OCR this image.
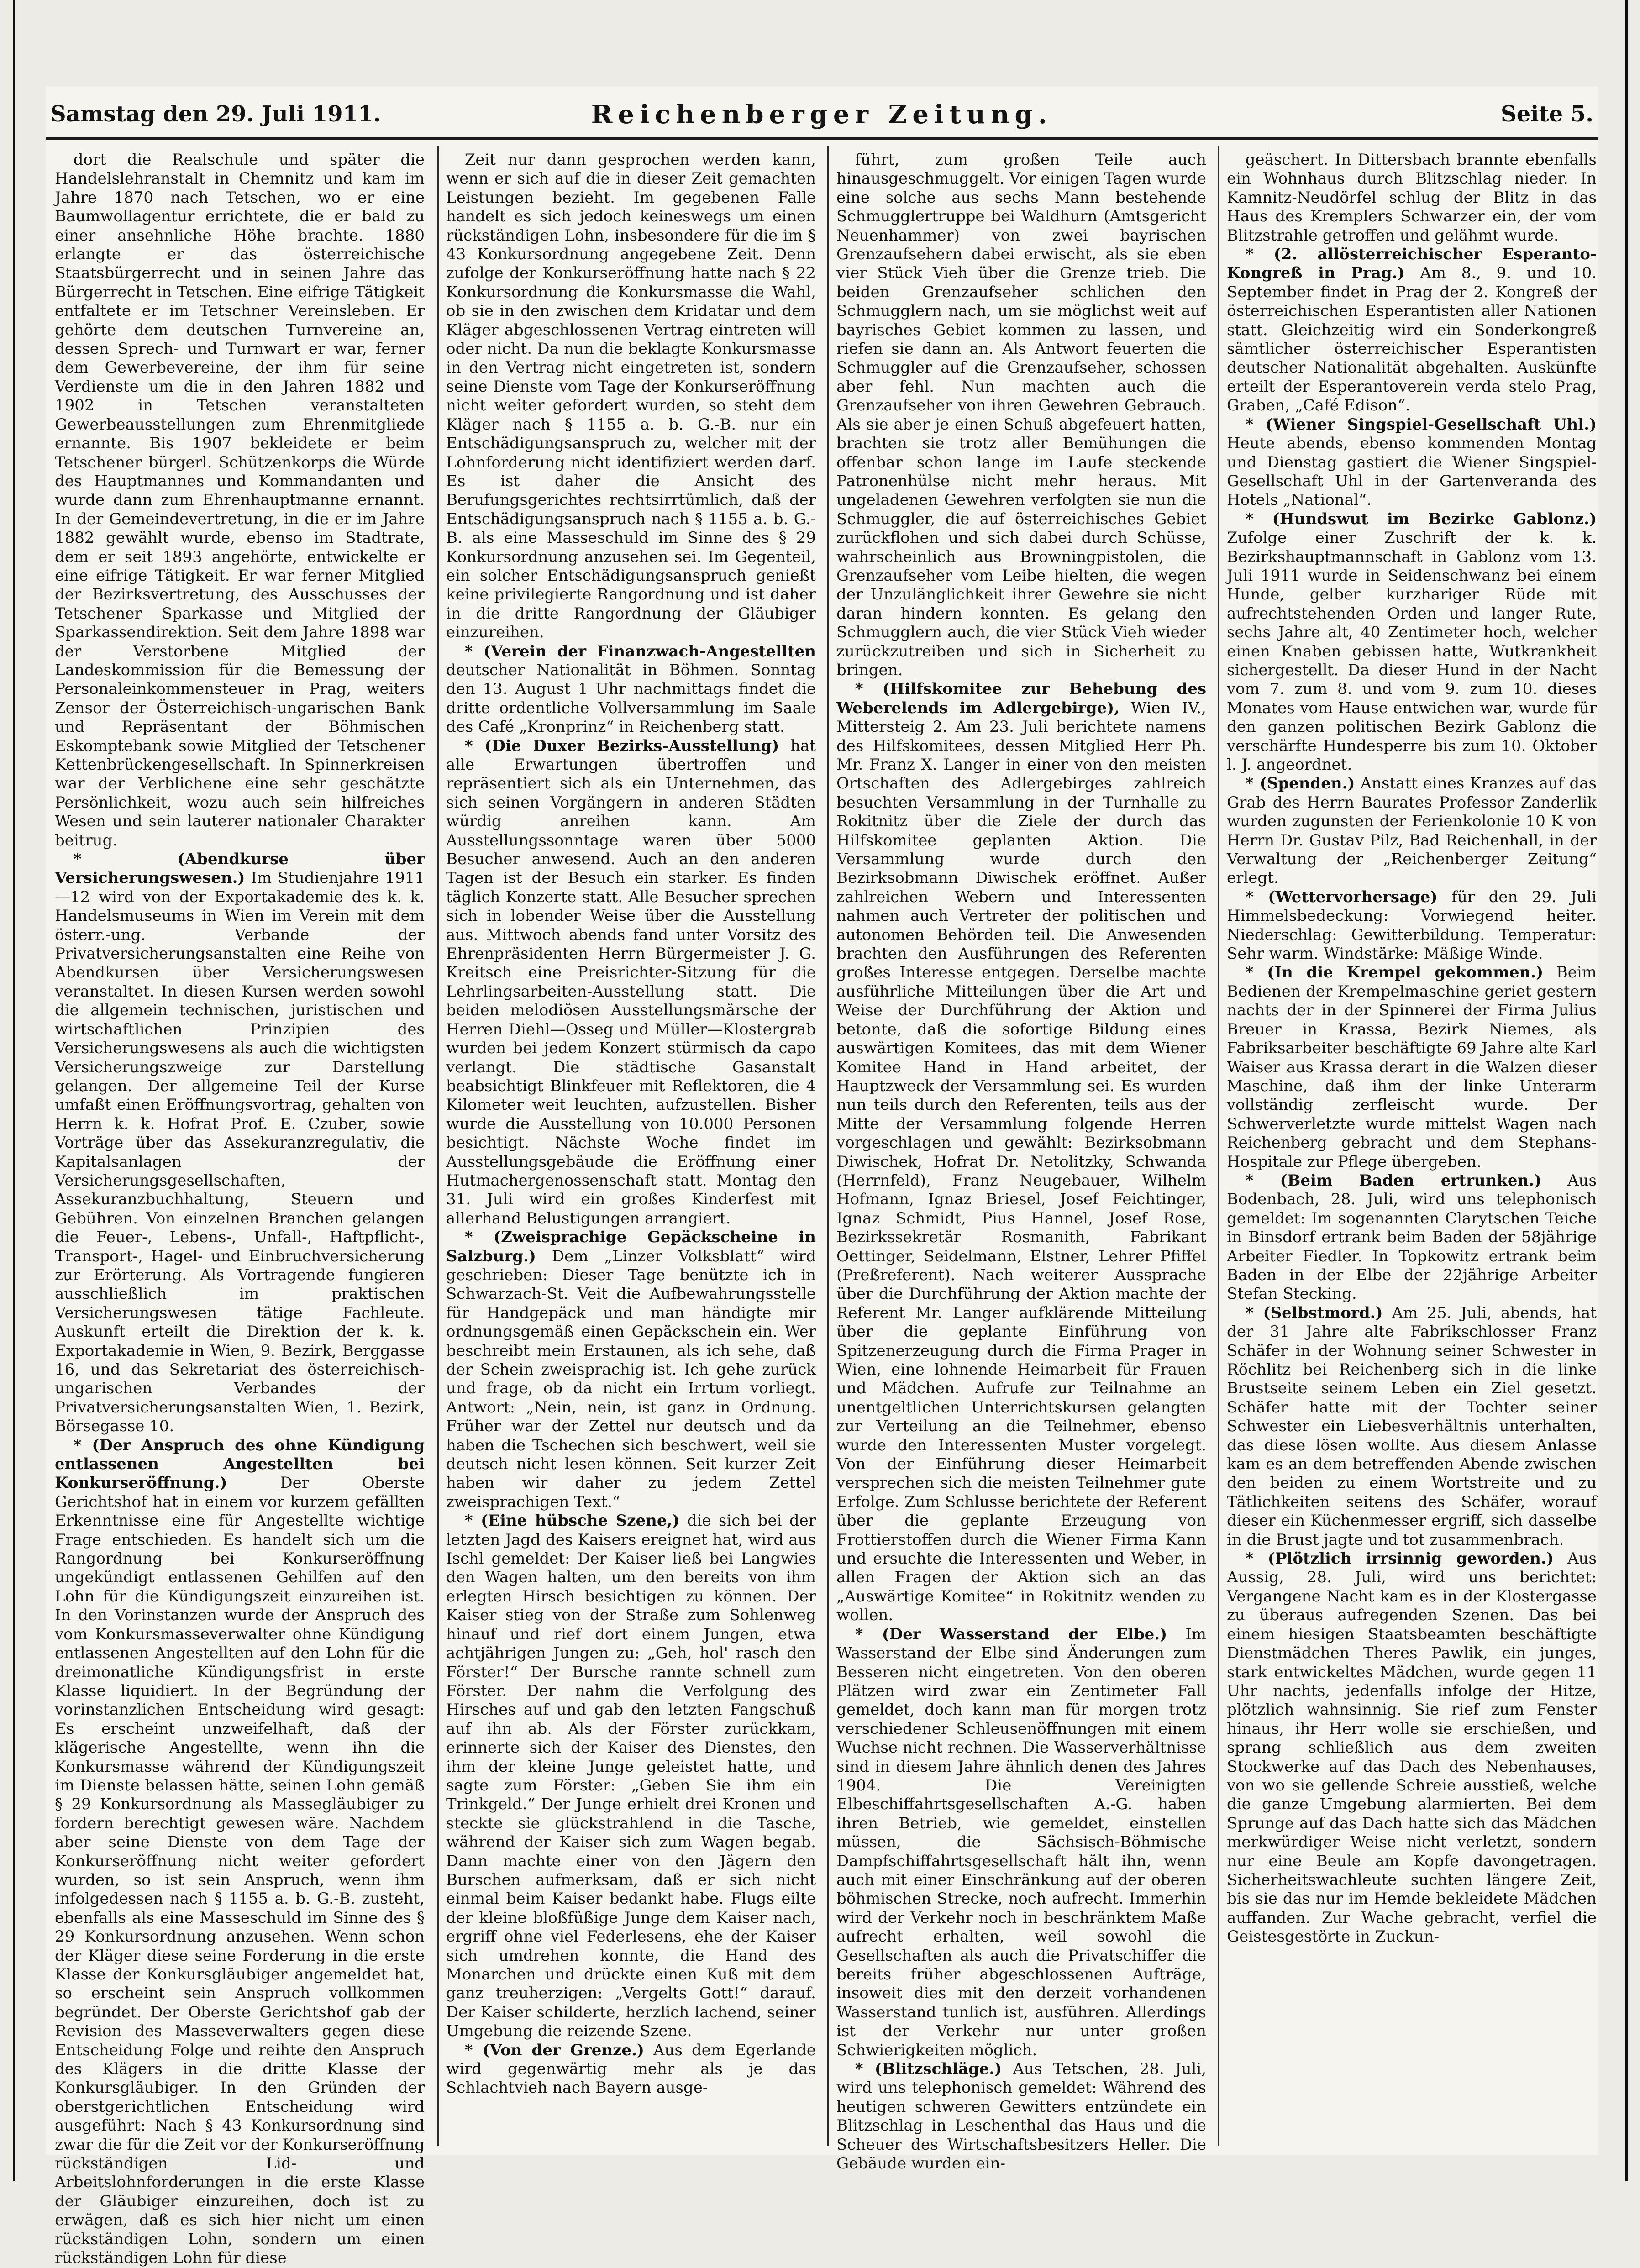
Samstag den 29. Juli 1911.	Reichenberger Zeitung.	Seite 5.

dort die Realschule und später die Handelslehranstalt in Chemnitz und kam im Jahre 1870 nach Tetschen, wo er eine Baumwollagentur errichtete, die er bald zu einer ansehnliche Höhe brachte. 1880 erlangte er das österreichische Staatsbürgerrecht und in seinen Jahre das Bürgerrecht in Tetschen. Eine eifrige Tätigkeit entfaltete er im Tetschner Vereinsleben. Er gehörte dem deutschen Turnvereine an, dessen Sprech- und Turnwart er war, ferner dem Gewerbevereine, der ihm für seine Verdienste um die in den Jahren 1882 und 1902 in Tetschen veranstalteten Gewerbeausstellungen zum Ehrenmitgliede ernannte. Bis 1907 bekleidete er beim Tetschener bürgerl. Schützenkorps die Würde des Hauptmannes und Kommandanten und wurde dann zum Ehrenhauptmanne ernannt. In der Gemeindevertretung, in die er im Jahre 1882 gewählt wurde, ebenso im Stadtrate, dem er seit 1893 angehörte, entwickelte er eine eifrige Tätigkeit. Er war ferner Mitglied der Bezirksvertretung, des Ausschusses der Tetschener Sparkasse und Mitglied der Sparkassendirektion. Seit dem Jahre 1898 war der Verstorbene Mitglied der Landeskommission für die Bemessung der Personaleinkommensteuer in Prag, weiters Zensor der Österreichisch-ungarischen Bank und Repräsentant der Böhmischen Eskomptebank sowie Mitglied der Tetschener Kettenbrückengesellschaft. In Spinnerkreisen war der Verblichene eine sehr geschätzte Persönlichkeit, wozu auch sein hilfreiches Wesen und sein lauterer nationaler Charakter beitrug.

* (Abendkurse über Versicherungswesen.) Im Studienjahre 1911—12 wird von der Exportakademie des k. k. Handelsmuseums in Wien im Verein mit dem österr.-ung. Verbande der Privatversicherungsanstalten eine Reihe von Abendkursen über Versicherungswesen veranstaltet. In diesen Kursen werden sowohl die allgemein technischen, juristischen und wirtschaftlichen Prinzipien des Versicherungswesens als auch die wichtigsten Versicherungszweige zur Darstellung gelangen. Der allgemeine Teil der Kurse umfaßt einen Eröffnungsvortrag, gehalten von Herrn k. k. Hofrat Prof. E. Czuber, sowie Vorträge über das Assekuranzregulativ, die Kapitalsanlagen der Versicherungsgesellschaften, Assekuranzbuchhaltung, Steuern und Gebühren. Von einzelnen Branchen gelangen die Feuer-, Lebens-, Unfall-, Haftpflicht-, Transport-, Hagel- und Einbruchversicherung zur Erörterung. Als Vortragende fungieren ausschließlich im praktischen Versicherungswesen tätige Fachleute. Auskunft erteilt die Direktion der k. k. Exportakademie in Wien, 9. Bezirk, Berggasse 16, und das Sekretariat des österreichisch-ungarischen Verbandes der Privatversicherungsanstalten Wien, 1. Bezirk, Börsegasse 10.

* (Der Anspruch des ohne Kündigung entlassenen Angestellten bei Konkurseröffnung.)	Der Oberste Gerichtshof hat in einem vor kurzem gefällten Erkenntnisse eine für Angestellte wichtige Frage entschieden. Es handelt sich um die Rangordnung bei Konkurseröffnung ungekündigt entlassenen Gehilfen auf den Lohn für die Kündigungszeit einzureihen ist. In den Vorinstanzen wurde der Anspruch des vom Konkursmasseverwalter ohne Kündigung entlassenen Angestellten auf den Lohn für die dreimonatliche Kündigungsfrist in erste Klasse liquidiert. In der Begründung der vorinstanzlichen Entscheidung wird gesagt: Es erscheint unzweifelhaft, daß der klägerische Angestellte, wenn ihn die Konkursmasse während der Kündigungszeit im Dienste belassen hätte, seinen Lohn gemäß § 29 Konkursordnung als Massegläubiger zu fordern berechtigt gewesen wäre. Nachdem aber seine Dienste von dem Tage der Konkurseröffnung nicht weiter gefordert wurden, so ist sein Anspruch, wenn ihm infolgedessen nach § 1155 a. b. G.-B. zusteht, ebenfalls als eine Masseschuld im Sinne des § 29 Konkursordnung anzusehen. Wenn schon der Kläger diese seine Forderung in die erste Klasse der Konkursgläubiger angemeldet hat, so erscheint sein Anspruch vollkommen begründet. Der Oberste Gerichtshof gab der Revision des Masseverwalters gegen diese Entscheidung Folge und reihte den Anspruch des Klägers in die dritte Klasse der Konkursgläubiger. In den Gründen der oberstgerichtlichen Entscheidung wird ausgeführt: Nach § 43 Konkursordnung sind zwar die für die Zeit vor der Konkurseröffnung rückständigen Lid- und Arbeitslohnforderungen in die erste Klasse der Gläubiger einzureihen, doch ist zu erwägen, daß es sich hier nicht um einen rückständigen Lohn, sondern um einen rückständigen Lohn für diese

Zeit nur dann gesprochen werden kann, wenn er sich auf die in dieser Zeit gemachten Leistungen bezieht. Im gegebenen Falle handelt es sich jedoch keineswegs um einen rückständigen Lohn, insbesondere für die im § 43 Konkursordnung angegebene Zeit. Denn zufolge der Konkurseröffnung hatte nach § 22 Konkursordnung die Konkursmasse die Wahl, ob sie in den zwischen dem Kridatar und dem Kläger abgeschlossenen Vertrag eintreten will oder nicht. Da nun die beklagte Konkursmasse in den Vertrag nicht eingetreten ist, sondern seine Dienste vom Tage der Konkurseröffnung nicht weiter gefordert wurden, so steht dem Kläger nach § 1155 a. b. G.-B. nur ein Entschädigungsanspruch zu, welcher mit der Lohnforderung nicht identifiziert werden darf. Es ist daher die Ansicht des Berufungsgerichtes rechtsirrtümlich, daß der Entschädigungsanspruch nach § 1155 a. b. G.-B. als eine Masseschuld im Sinne des § 29 Konkursordnung anzusehen sei. Im Gegenteil, ein solcher Entschädigungsanspruch genießt keine privilegierte Rangordnung und ist daher in die dritte Rangordnung der Gläubiger einzureihen.

* (Verein der Finanzwach-Angestellten deutscher Nationalität in Böhmen. Sonntag den 13. August 1 Uhr nachmittags findet die dritte ordentliche Vollversammlung im Saale des Café „Kronprinz“ in Reichenberg statt.

* (Die Duxer Bezirks-Ausstellung) hat alle Erwartungen übertroffen und repräsentiert sich als ein Unternehmen, das sich seinen Vorgängern in anderen Städten würdig anreihen kann. Am Ausstellungssonntage waren über 5000 Besucher anwesend. Auch an den anderen Tagen ist der Besuch ein starker. Es finden täglich Konzerte statt. Alle Besucher sprechen sich in lobender Weise über die Ausstellung aus. Mittwoch abends fand unter Vorsitz des Ehrenpräsidenten Herrn Bürgermeister J. G. Kreitsch eine Preisrichter-Sitzung für die Lehrlingsarbeiten-Ausstellung statt. Die beiden melodiösen Ausstellungsmärsche der Herren Diehl—Osseg und Müller—Klostergrab wurden bei jedem Konzert stürmisch da capo verlangt. Die städtische Gasanstalt beabsichtigt Blinkfeuer mit Reflektoren, die 4 Kilometer weit leuchten, aufzustellen. Bisher wurde die Ausstellung von 10.000 Personen besichtigt. Nächste Woche findet im Ausstellungsgebäude die Eröffnung einer Hutmachergenossenschaft statt. Montag den 31. Juli wird ein großes Kinderfest mit allerhand Belustigungen arrangiert.

* (Zweisprachige Gepäckscheine in Salzburg.) Dem „Linzer Volksblatt“ wird geschrieben: Dieser Tage benützte ich in Schwarzach-St. Veit die Aufbewahrungsstelle für Handgepäck und man händigte mir ordnungsgemäß einen Gepäckschein ein. Wer beschreibt mein Erstaunen, als ich sehe, daß der Schein zweisprachig ist. Ich gehe zurück und frage, ob da nicht ein Irrtum vorliegt. Antwort: „Nein, nein, ist ganz in Ordnung. Früher war der Zettel nur deutsch und da haben die Tschechen sich beschwert, weil sie deutsch nicht lesen können. Seit kurzer Zeit haben wir daher zu jedem Zettel zweisprachigen Text.“

* (Eine hübsche Szene,) die sich bei der letzten Jagd des Kaisers ereignet hat, wird aus Ischl gemeldet: Der Kaiser ließ bei Langwies den Wagen halten, um den bereits von ihm erlegten Hirsch besichtigen zu können. Der Kaiser stieg von der Straße zum Sohlenweg hinauf und rief dort einem Jungen, etwa achtjährigen Jungen zu: „Geh, hol' rasch den Förster!“ Der Bursche rannte schnell zum Förster. Der nahm die Verfolgung des Hirsches auf und gab den letzten Fangschuß auf ihn ab. Als der Förster zurückkam, erinnerte sich der Kaiser des Dienstes, den ihm der kleine Junge geleistet hatte, und sagte zum Förster: „Geben Sie ihm ein Trinkgeld.“ Der Junge erhielt drei Kronen und steckte sie glückstrahlend in die Tasche, während der Kaiser sich zum Wagen begab. Dann machte einer von den Jägern den Burschen aufmerksam, daß er sich nicht einmal beim Kaiser bedankt habe. Flugs eilte der kleine bloßfüßige Junge dem Kaiser nach, ergriff ohne viel Federlesens, ehe der Kaiser sich umdrehen konnte, die Hand des Monarchen und drückte einen Kuß mit dem ganz treuherzigen: „Vergelts Gott!“ darauf. Der Kaiser schilderte, herzlich lachend, seiner Umgebung die reizende Szene.

* (Von der Grenze.) Aus dem Egerlande wird gegenwärtig mehr als je das Schlachtvieh nach Bayern ausge-

führt, zum großen Teile auch hinausgeschmuggelt. Vor einigen Tagen wurde eine solche aus sechs Mann bestehende Schmugglertruppe bei Waldhurn (Amtsgericht Neuenhammer) von zwei bayrischen Grenzaufsehern dabei erwischt, als sie eben vier Stück Vieh über die Grenze trieb. Die beiden Grenzaufseher schlichen den Schmugglern nach, um sie möglichst weit auf bayrisches Gebiet kommen zu lassen, und riefen sie dann an. Als Antwort feuerten die Schmuggler auf die Grenzaufseher, schossen aber fehl. Nun machten auch die Grenzaufseher von ihren Gewehren Gebrauch. Als sie aber je einen Schuß abgefeuert hatten, brachten sie trotz aller Bemühungen die offenbar schon lange im Laufe steckende Patronenhülse nicht mehr heraus. Mit ungeladenen Gewehren verfolgten sie nun die Schmuggler, die auf österreichisches Gebiet zurückflohen und sich dabei durch Schüsse, wahrscheinlich aus Browningpistolen, die Grenzaufseher vom Leibe hielten, die wegen der Unzulänglichkeit ihrer Gewehre sie nicht daran hindern konnten. Es gelang den Schmugglern auch, die vier Stück Vieh wieder zurückzutreiben und sich in Sicherheit zu bringen.

* (Hilfskomitee zur Behebung des Weberelends im Adlergebirge), Wien IV., Mittersteig 2. Am 23. Juli berichtete namens des Hilfskomitees, dessen Mitglied Herr Ph. Mr. Franz X. Langer in einer von den meisten Ortschaften des Adlergebirges zahlreich besuchten Versammlung in der Turnhalle zu Rokitnitz über die Ziele der durch das Hilfskomitee geplanten Aktion. Die Versammlung wurde durch den Bezirksobmann Diwischek eröffnet. Außer zahlreichen Webern und Interessenten nahmen auch Vertreter der politischen und autonomen Behörden teil. Die Anwesenden brachten den Ausführungen des Referenten großes Interesse entgegen. Derselbe machte ausführliche Mitteilungen über die Art und Weise der Durchführung der Aktion und betonte, daß die sofortige Bildung eines auswärtigen Komitees, das mit dem Wiener Komitee Hand in Hand arbeitet, der Hauptzweck der Versammlung sei. Es wurden nun teils durch den Referenten, teils aus der Mitte der Versammlung folgende Herren vorgeschlagen und gewählt: Bezirksobmann Diwischek, Hofrat Dr. Netolitzky, Schwanda (Herrnfeld), Franz Neugebauer, Wilhelm Hofmann, Ignaz Briesel, Josef Feichtinger, Ignaz Schmidt, Pius Hannel, Josef Rose, Bezirkssekretär Rosmanith, Fabrikant Oettinger, Seidelmann, Elstner, Lehrer Pfiffel (Preßreferent). Nach weiterer Aussprache über die Durchführung der Aktion machte der Referent Mr. Langer aufklärende Mitteilung über die geplante Einführung von Spitzenerzeugung durch die Firma Prager in Wien, eine lohnende Heimarbeit für Frauen und Mädchen. Aufrufe zur Teilnahme an unentgeltlichen Unterrichtskursen gelangten zur Verteilung an die Teilnehmer, ebenso wurde den Interessenten Muster vorgelegt. Von der Einführung dieser Heimarbeit versprechen sich die meisten Teilnehmer gute Erfolge. Zum Schlusse berichtete der Referent über die geplante Erzeugung von Frottierstoffen durch die Wiener Firma Kann und ersuchte die Interessenten und Weber, in allen Fragen der Aktion sich an das „Auswärtige Komitee“ in Rokitnitz wenden zu wollen.

* (Der Wasserstand der Elbe.) Im Wasserstand der Elbe sind Änderungen zum Besseren nicht eingetreten. Von den oberen Plätzen wird zwar ein Zentimeter Fall gemeldet, doch kann man für morgen trotz verschiedener Schleusenöffnungen mit einem Wuchse nicht rechnen. Die Wasserverhältnisse sind in diesem Jahre ähnlich denen des Jahres 1904. Die Vereinigten Elbeschiffahrtsgesellschaften A.-G. haben ihren Betrieb, wie gemeldet, einstellen müssen, die Sächsisch-Böhmische Dampfschiffahrtsgesellschaft hält ihn, wenn auch mit einer Einschränkung auf der oberen böhmischen Strecke, noch aufrecht. Immerhin wird der Verkehr noch in beschränktem Maße aufrecht erhalten, weil sowohl die Gesellschaften als auch die Privatschiffer die bereits früher abgeschlossenen Aufträge, insoweit dies mit den derzeit vorhandenen Wasserstand tunlich ist, ausführen. Allerdings ist der Verkehr nur unter großen Schwierigkeiten möglich.

* (Blitzschläge.) Aus Tetschen, 28. Juli, wird uns telephonisch gemeldet: Während des heutigen schweren Gewitters entzündete ein Blitzschlag in Leschenthal das Haus und die Scheuer des Wirtschaftsbesitzers Heller. Die Gebäude wurden ein-

geäschert. In Dittersbach brannte ebenfalls ein Wohnhaus durch Blitzschlag nieder. In Kamnitz-Neudörfel schlug der Blitz in das Haus des Kremplers Schwarzer ein, der vom Blitzstrahle getroffen und gelähmt wurde.

* (2. allösterreichischer Esperanto-Kongreß in Prag.) Am 8., 9. und 10. September findet in Prag der 2. Kongreß der österreichischen Esperantisten aller Nationen statt. Gleichzeitig wird ein Sonderkongreß sämtlicher österreichischer Esperantisten deutscher Nationalität abgehalten. Auskünfte erteilt der Esperantoverein verda stelo Prag, Graben, „Café Edison“.

* (Wiener Singspiel-Gesellschaft Uhl.) Heute abends, ebenso kommenden Montag und Dienstag gastiert die Wiener Singspiel-Gesellschaft Uhl in der Gartenveranda des Hotels „National“.

* (Hundswut im Bezirke Gablonz.) Zufolge einer Zuschrift der k. k. Bezirkshauptmannschaft in Gablonz vom 13. Juli 1911 wurde in Seidenschwanz bei einem Hunde, gelber kurzhariger Rüde mit aufrechtstehenden Orden und langer Rute, sechs Jahre alt, 40 Zentimeter hoch, welcher einen Knaben gebissen hatte, Wutkrankheit sichergestellt. Da dieser Hund in der Nacht vom 7. zum 8. und vom 9. zum 10. dieses Monates vom Hause entwichen war, wurde für den ganzen politischen Bezirk Gablonz die verschärfte Hundesperre bis zum 10. Oktober l. J. angeordnet.

* (Spenden.) Anstatt eines Kranzes auf das Grab des Herrn Baurates Professor Zanderlik wurden zugunsten der Ferienkolonie 10 K von Herrn Dr. Gustav Pilz, Bad Reichenhall, in der Verwaltung der „Reichenberger Zeitung“ erlegt.

* (Wettervorhersage) für den 29. Juli Himmelsbedeckung: Vorwiegend heiter. Niederschlag: Gewitterbildung. Temperatur: Sehr warm. Windstärke: Mäßige Winde.

* (In die Krempel gekommen.) Beim Bedienen der Krempelmaschine geriet gestern nachts der in der Spinnerei der Firma Julius Breuer in Krassa, Bezirk Niemes, als Fabriksarbeiter beschäftigte 69 Jahre alte Karl Waiser aus Krassa derart in die Walzen dieser Maschine, daß ihm der linke Unterarm vollständig zerfleischt wurde. Der Schwerverletzte wurde mittelst Wagen nach Reichenberg gebracht und dem Stephans-Hospitale zur Pflege übergeben.

* (Beim Baden ertrunken.) Aus Bodenbach, 28. Juli, wird uns telephonisch gemeldet: Im sogenannten Clarytschen Teiche in Binsdorf ertrank beim Baden der 58jährige Arbeiter Fiedler. In Topkowitz ertrank beim Baden in der Elbe der 22jährige Arbeiter Stefan Stecking.

* (Selbstmord.) Am 25. Juli, abends, hat der 31 Jahre alte Fabrikschlosser Franz Schäfer in der Wohnung seiner Schwester in Röchlitz bei Reichenberg sich in die linke Brustseite seinem Leben ein Ziel gesetzt. Schäfer hatte mit der Tochter seiner Schwester ein Liebesverhältnis unterhalten, das diese lösen wollte. Aus diesem Anlasse kam es an dem betreffenden Abende zwischen den beiden zu einem Wortstreite und zu Tätlichkeiten seitens des Schäfer, worauf dieser ein Küchenmesser ergriff, sich dasselbe in die Brust jagte und tot zusammenbrach.

* (Plötzlich irrsinnig geworden.) Aus Aussig, 28. Juli, wird uns berichtet: Vergangene Nacht kam es in der Klostergasse zu überaus aufregenden Szenen. Das bei einem hiesigen Staatsbeamten beschäftigte Dienstmädchen Theres Pawlik, ein junges, stark entwickeltes Mädchen, wurde gegen 11 Uhr nachts, jedenfalls infolge der Hitze, plötzlich wahnsinnig. Sie rief zum Fenster hinaus, ihr Herr wolle sie erschießen, und sprang schließlich aus dem zweiten Stockwerke auf das Dach des Nebenhauses, von wo sie gellende Schreie ausstieß, welche die ganze Umgebung alarmierten. Bei dem Sprunge auf das Dach hatte sich das Mädchen merkwürdiger Weise nicht verletzt, sondern nur eine Beule am Kopfe davongetragen. Sicherheitswachleute suchten längere Zeit, bis sie das nur im Hemde bekleidete Mädchen auffanden. Zur Wache gebracht, verfiel die Geistesgestörte in Zuckun-
